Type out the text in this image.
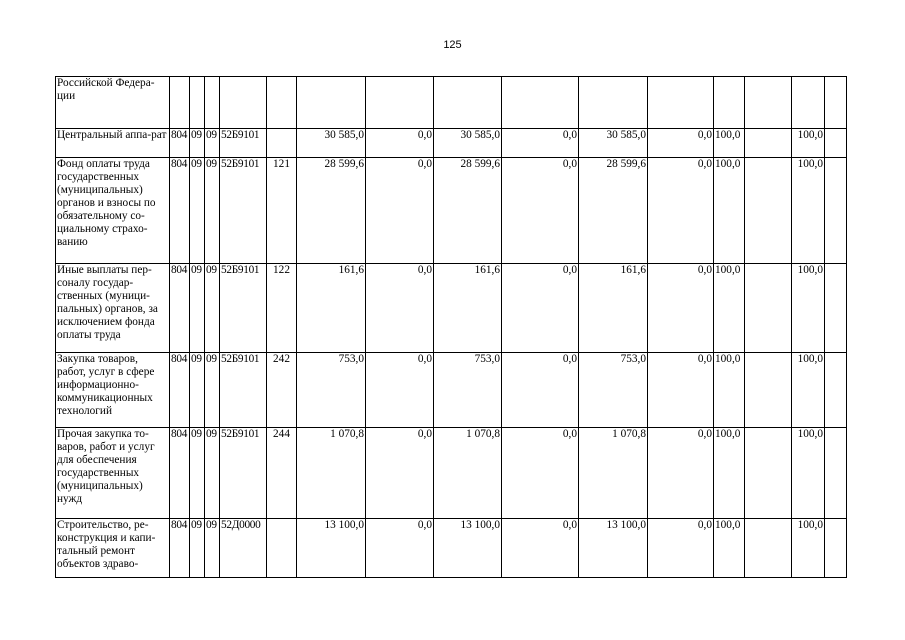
125
Российской Федера-ции															
Центральный аппа-рат	804	09	09	52Б9101		30 585,0	0,0	30 585,0	0,0	30 585,0	0,0	100,0		100,0	
Фонд оплаты труда государственных (муниципальных) органов и взносы по обязательному со-циальному страхо-ванию	804	09	09	52Б9101	121	28 599,6	0,0	28 599,6	0,0	28 599,6	0,0	100,0		100,0	
Иные выплаты пер-соналу государ-ственных (муници-пальных) органов, за исключением фонда оплаты труда	804	09	09	52Б9101	122	161,6	0,0	161,6	0,0	161,6	0,0	100,0		100,0	
Закупка товаров, работ, услуг в сфере информационно-коммуникационных технологий	804	09	09	52Б9101	242	753,0	0,0	753,0	0,0	753,0	0,0	100,0		100,0	
Прочая закупка то-варов, работ и услуг для обеспечения государственных (муниципальных) нужд	804	09	09	52Б9101	244	1 070,8	0,0	1 070,8	0,0	1 070,8	0,0	100,0		100,0	
Строительство, ре-конструкция и капи-тальный ремонт объектов здраво-	804	09	09	52Д0000		13 100,0	0,0	13 100,0	0,0	13 100,0	0,0	100,0		100,0	
